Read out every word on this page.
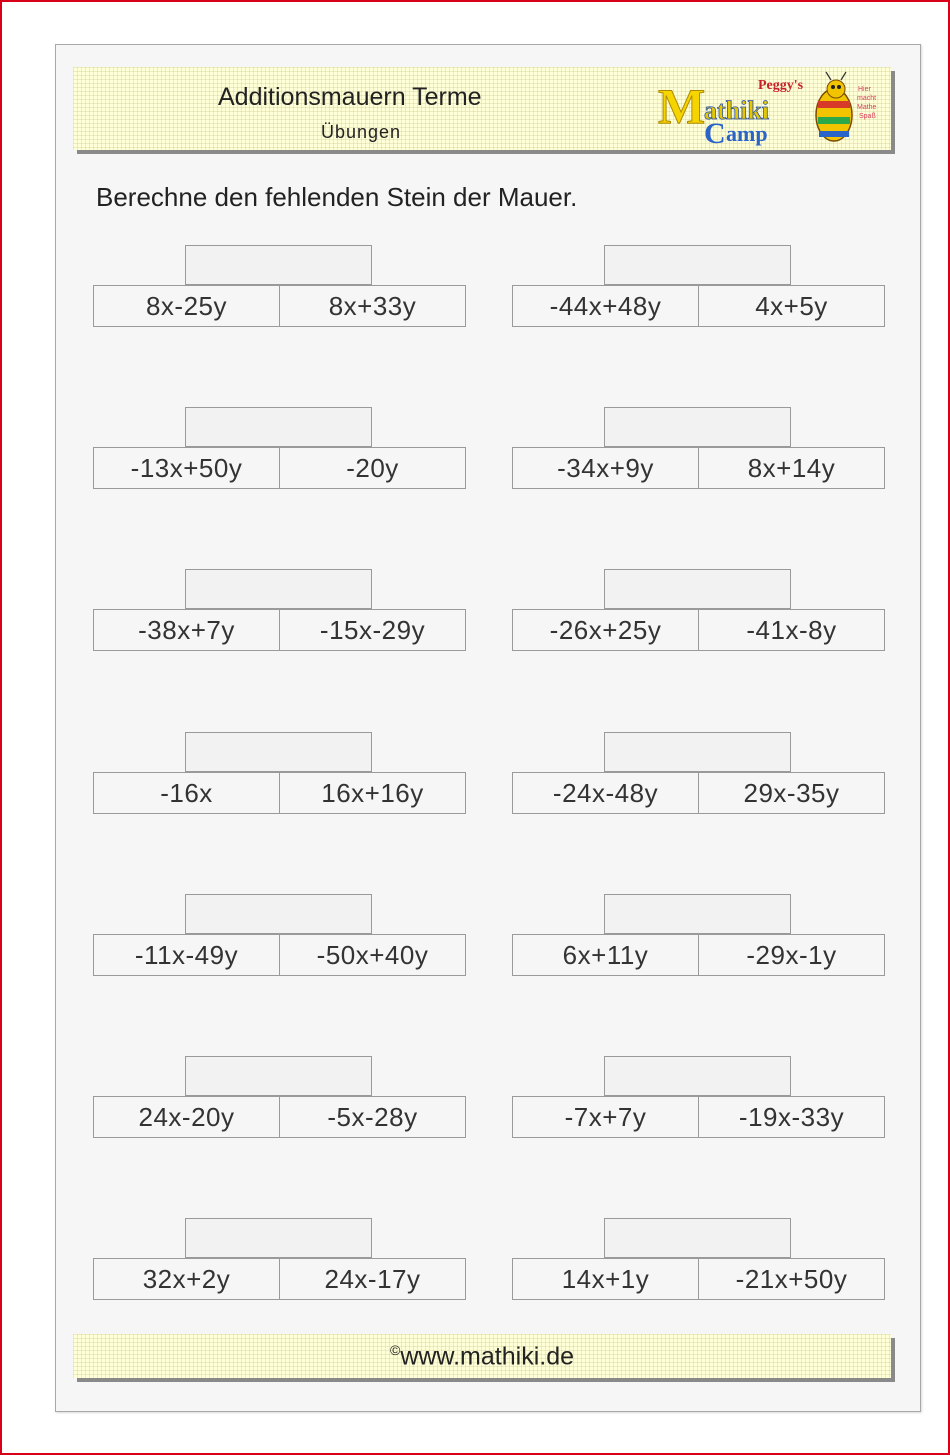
Additionsmauern Terme
Übungen
Peggy's
M
athiki
C amp
Hier
macht
Mathe
Spaß
Berechne den fehlenden Stein der Mauer.
8x-25y	8x+33y	-44x+48y	4x+5y
-13x+50y	-20y	-34x+9y	8x+14y
-38x+7y	-15x-29y	-26x+25y	-41x-8y
-16x	16x+16y	-24x-48y	29x-35y
-11x-49y	-50x+40y	6x+11y	-29x-1y
24x-20y	-5x-28y	-7x+7y	-19x-33y
32x+2y	24x-17y	14x+1y	-21x+50y
©www.mathiki.de
